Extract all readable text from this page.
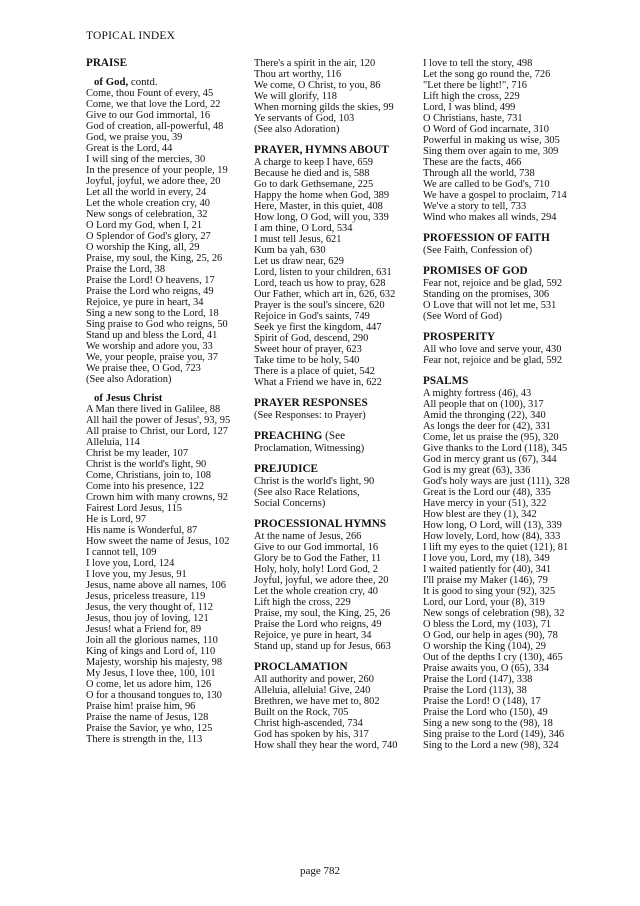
TOPICAL INDEX
PRAISE
of God, contd.
Come, thou Fount of every, 45
Come, we that love the Lord, 22
Give to our God immortal, 16
God of creation, all-powerful, 48
God, we praise you, 39
Great is the Lord, 44
I will sing of the mercies, 30
In the presence of your people, 19
Joyful, joyful, we adore thee, 20
Let all the world in every, 24
Let the whole creation cry, 40
New songs of celebration, 32
O Lord my God, when I, 21
O Splendor of God's glory, 27
O worship the King, all, 29
Praise, my soul, the King, 25, 26
Praise the Lord, 38
Praise the Lord! O heavens, 17
Praise the Lord who reigns, 49
Rejoice, ye pure in heart, 34
Sing a new song to the Lord, 18
Sing praise to God who reigns, 50
Stand up and bless the Lord, 41
We worship and adore you, 33
We, your people, praise you, 37
We praise thee, O God, 723
(See also Adoration)
of Jesus Christ
A Man there lived in Galilee, 88
All hail the power of Jesus', 93, 95
All praise to Christ, our Lord, 127
Alleluia, 114
Christ be my leader, 107
Christ is the world's light, 90
Come, Christians, join to, 108
Come into his presence, 122
Crown him with many crowns, 92
Fairest Lord Jesus, 115
He is Lord, 97
His name is Wonderful, 87
How sweet the name of Jesus, 102
I cannot tell, 109
I love you, Lord, 124
I love you, my Jesus, 91
Jesus, name above all names, 106
Jesus, priceless treasure, 119
Jesus, the very thought of, 112
Jesus, thou joy of loving, 121
Jesus! what a Friend for, 89
Join all the glorious names, 110
King of kings and Lord of, 110
Majesty, worship his majesty, 98
My Jesus, I love thee, 100, 101
O come, let us adore him, 126
O for a thousand tongues to, 130
Praise him! praise him, 96
Praise the name of Jesus, 128
Praise the Savior, ye who, 125
There is strength in the, 113
There's a spirit in the air, 120
Thou art worthy, 116
We come, O Christ, to you, 86
We will glorify, 118
When morning gilds the skies, 99
Ye servants of God, 103
(See also Adoration)
PRAYER, HYMNS ABOUT
A charge to keep I have, 659
Because he died and is, 588
Go to dark Gethsemane, 225
Happy the home when God, 389
Here, Master, in this quiet, 408
How long, O God, will you, 339
I am thine, O Lord, 534
I must tell Jesus, 621
Kum ba yah, 630
Let us draw near, 629
Lord, listen to your children, 631
Lord, teach us how to pray, 628
Our Father, which art in, 626, 632
Prayer is the soul's sincere, 620
Rejoice in God's saints, 749
Seek ye first the kingdom, 447
Spirit of God, descend, 290
Sweet hour of prayer, 623
Take time to be holy, 540
There is a place of quiet, 542
What a Friend we have in, 622
PRAYER RESPONSES
(See Responses: to Prayer)
PREACHING (See
Proclamation, Witnessing)
PREJUDICE
Christ is the world's light, 90
(See also Race Relations,
Social Concerns)
PROCESSIONAL HYMNS
At the name of Jesus, 266
Give to our God immortal, 16
Glory be to God the Father, 11
Holy, holy, holy! Lord God, 2
Joyful, joyful, we adore thee, 20
Let the whole creation cry, 40
Lift high the cross, 229
Praise, my soul, the King, 25, 26
Praise the Lord who reigns, 49
Rejoice, ye pure in heart, 34
Stand up, stand up for Jesus, 663
PROCLAMATION
All authority and power, 260
Alleluia, alleluia! Give, 240
Brethren, we have met to, 802
Built on the Rock, 705
Christ high-ascended, 734
God has spoken by his, 317
How shall they hear the word, 740
I love to tell the story, 498
Let the song go round the, 726
"Let there be light!", 716
Lift high the cross, 229
Lord, I was blind, 499
O Christians, haste, 731
O Word of God incarnate, 310
Powerful in making us wise, 305
Sing them over again to me, 309
These are the facts, 466
Through all the world, 738
We are called to be God's, 710
We have a gospel to proclaim, 714
We've a story to tell, 733
Wind who makes all winds, 294
PROFESSION OF FAITH
(See Faith, Confession of)
PROMISES OF GOD
Fear not, rejoice and be glad, 592
Standing on the promises, 306
O Love that will not let me, 531
(See Word of God)
PROSPERITY
All who love and serve your, 430
Fear not, rejoice and be glad, 592
PSALMS
A mighty fortress (46), 43
All people that on (100), 317
Amid the thronging (22), 340
As longs the deer for (42), 331
Come, let us praise the (95), 320
Give thanks to the Lord (118), 345
God in mercy grant us (67), 344
God is my great (63), 336
God's holy ways are just (111), 328
Great is the Lord our (48), 335
Have mercy in your (51), 322
How blest are they (1), 342
How long, O Lord, will (13), 339
How lovely, Lord, how (84), 333
I lift my eyes to the quiet (121), 81
I love you, Lord, my (18), 349
I waited patiently for (40), 341
I'll praise my Maker (146), 79
It is good to sing your (92), 325
Lord, our Lord, your (8), 319
New songs of celebration (98), 32
O bless the Lord, my (103), 71
O God, our help in ages (90), 78
O worship the King (104), 29
Out of the depths I cry (130), 465
Praise awaits you, O (65), 334
Praise the Lord (147), 338
Praise the Lord (113), 38
Praise the Lord! O (148), 17
Praise the Lord who (150), 49
Sing a new song to the (98), 18
Sing praise to the Lord (149), 346
Sing to the Lord a new (98), 324
page 782
